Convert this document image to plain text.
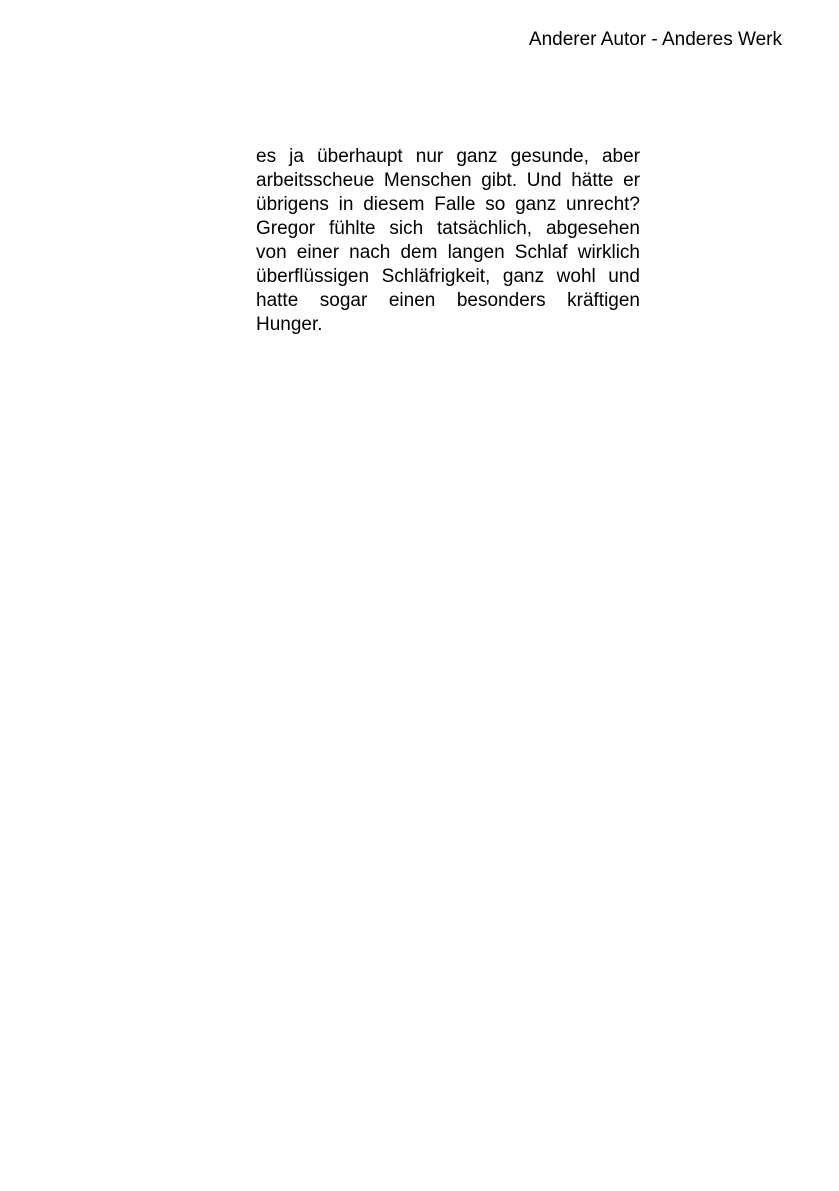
Anderer Autor - Anderes Werk
es ja überhaupt nur ganz gesunde, aber
arbeitsscheue Menschen gibt. Und hätte er
übrigens in diesem Falle so ganz unrecht?
Gregor fühlte sich tatsächlich, abgesehen
von einer nach dem langen Schlaf wirklich
überflüssigen Schläfrigkeit, ganz wohl und
hatte sogar einen besonders kräftigen
Hunger.
